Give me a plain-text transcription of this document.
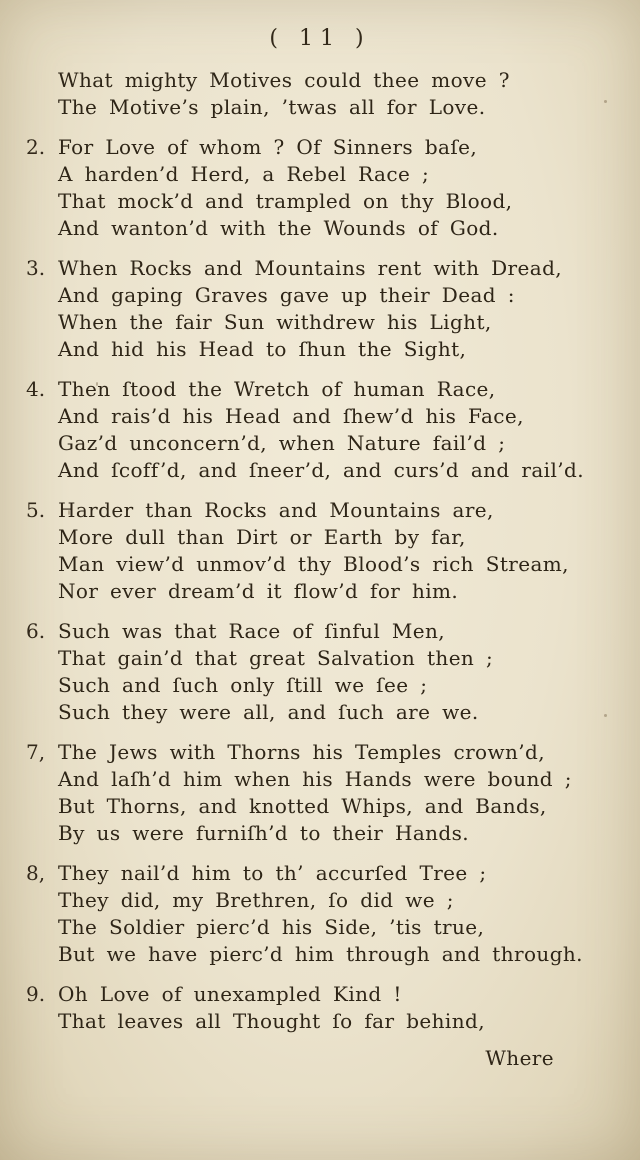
( 11 )
What mighty Motives could thee move ?
The Motive’s plain, ’twas all for Love.
2. For Love of whom ? Of Sinners baſe,
A harden’d Herd, a Rebel Race ;
That mock’d and trampled on thy Blood,
And wanton’d with the Wounds of God.
3. When Rocks and Mountains rent with Dread,
And gaping Graves gave up their Dead :
When the fair Sun withdrew his Light,
And hid his Head to ſhun the Sight,
4. Then ſtood the Wretch of human Race,
And rais’d his Head and ſhew’d his Face,
Gaz’d unconcern’d, when Nature fail’d ;
And ſcoff’d, and ſneer’d, and curs’d and rail’d.
5. Harder than Rocks and Mountains are,
More dull than Dirt or Earth by far,
Man view’d unmov’d thy Blood’s rich Stream,
Nor ever dream’d it flow’d for him.
6. Such was that Race of ſinful Men,
That gain’d that great Salvation then ;
Such and ſuch only ſtill we ſee ;
Such they were all, and ſuch are we.
7, The Jews with Thorns his Temples crown’d,
And laſh’d him when his Hands were bound ;
But Thorns, and knotted Whips, and Bands,
By us were furniſh’d to their Hands.
8, They nail’d him to th’ accurſed Tree ;
They did, my Brethren, ſo did we ;
The Soldier pierc’d his Side, ’tis true,
But we have pierc’d him through and through.
9. Oh Love of unexampled Kind !
That leaves all Thought ſo far behind,
Where
